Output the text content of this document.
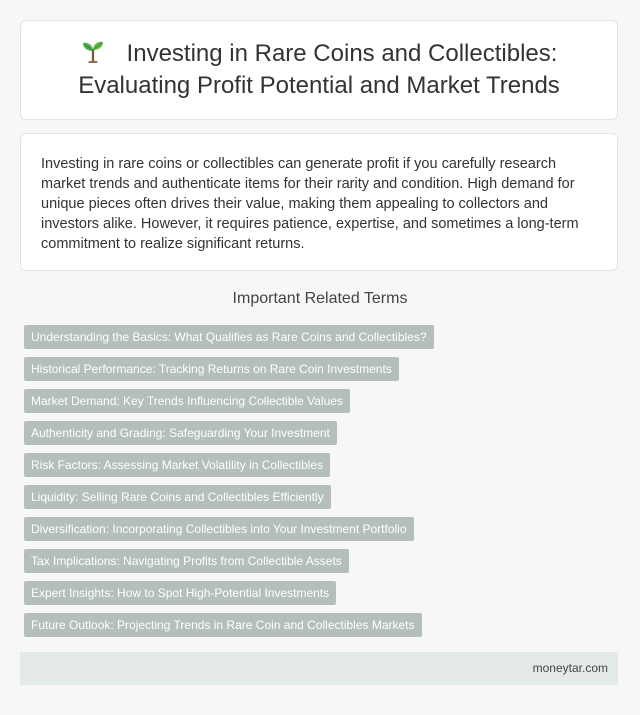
Investing in Rare Coins and Collectibles: Evaluating Profit Potential and Market Trends

Investing in rare coins or collectibles can generate profit if you carefully research market trends and authenticate items for their rarity and condition. High demand for unique pieces often drives their value, making them appealing to collectors and investors alike. However, it requires patience, expertise, and sometimes a long-term commitment to realize significant returns.

Important Related Terms
Understanding the Basics: What Qualifies as Rare Coins and Collectibles?
Historical Performance: Tracking Returns on Rare Coin Investments
Market Demand: Key Trends Influencing Collectible Values
Authenticity and Grading: Safeguarding Your Investment
Risk Factors: Assessing Market Volatility in Collectibles
Liquidity: Selling Rare Coins and Collectibles Efficiently
Diversification: Incorporating Collectibles into Your Investment Portfolio
Tax Implications: Navigating Profits from Collectible Assets
Expert Insights: How to Spot High-Potential Investments
Future Outlook: Projecting Trends in Rare Coin and Collectibles Markets
moneytar.com
